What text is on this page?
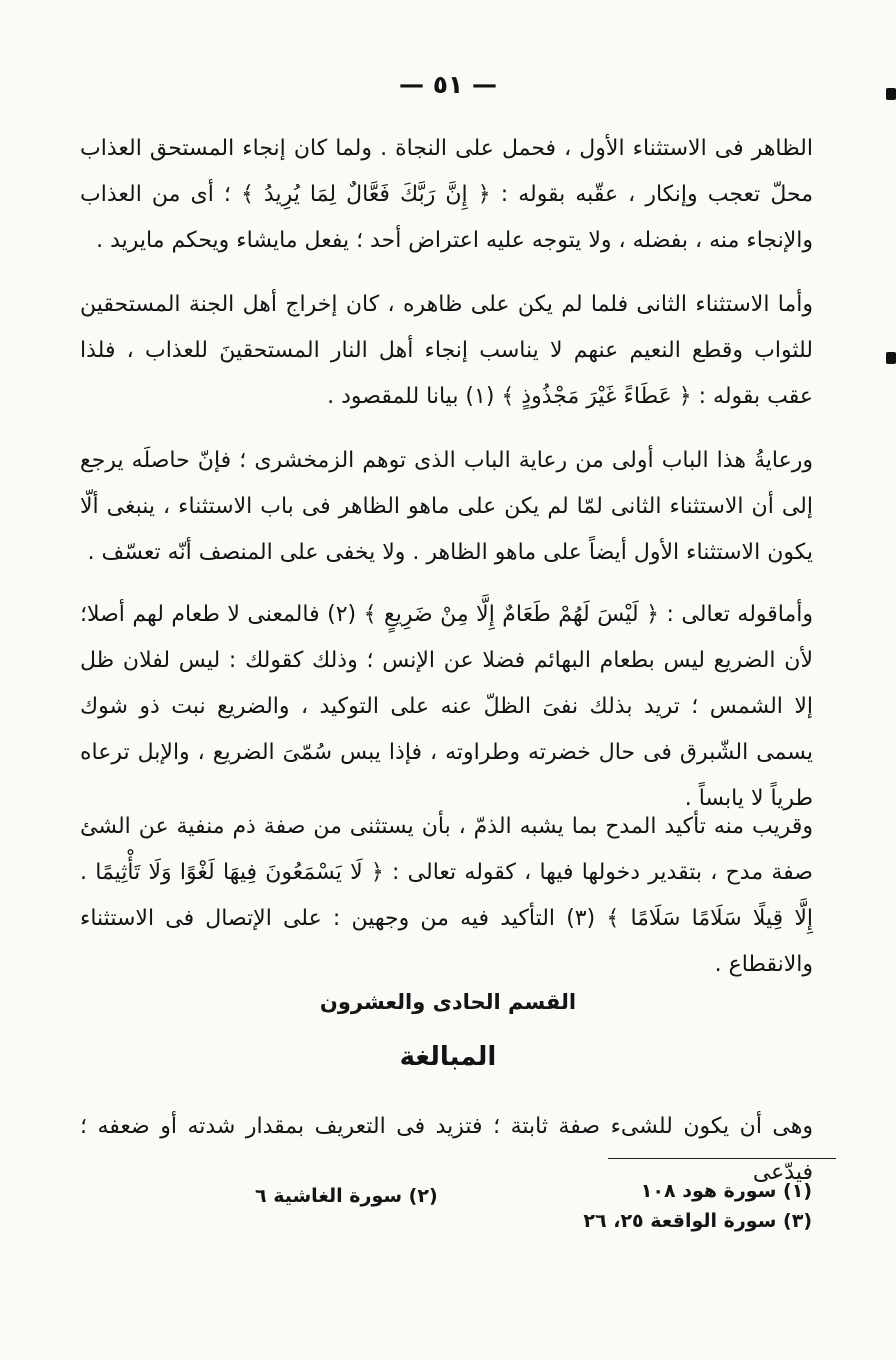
— ٥١ —

الظاهر فى الاستثناء الأول ، فحمل على النجاة . ولما كان إنجاء المستحق العذاب محلّ تعجب وإنكار ، عقّبه بقوله : ﴿ إِنَّ رَبَّكَ فَعَّالٌ لِمَا يُرِيدُ ﴾ ؛ أى من العذاب والإنجاء منه ، بفضله ، ولا يتوجه عليه اعتراض أحد ؛ يفعل مايشاء ويحكم مايريد .

وأما الاستثناء الثانى فلما لم يكن على ظاهره ، كان إخراج أهل الجنة المستحقين للثواب وقطع النعيم عنهم لا يناسب إنجاء أهل النار المستحقينَ للعذاب ، فلذا عقب بقوله : ﴿ عَطَاءً غَيْرَ مَجْذُوذٍ ﴾ (١) بيانا للمقصود .

ورعايةُ هذا الباب أولى من رعاية الباب الذى توهم الزمخشرى ؛ فإنّ حاصلَه يرجع إلى أن الاستثناء الثانى لمّا لم يكن على ماهو الظاهر فى باب الاستثناء ، ينبغى ألّا يكون الاستثناء الأول أيضاً على ماهو الظاهر . ولا يخفى على المنصف أنّه تعسّف .

وأماقوله تعالى : ﴿ لَيْسَ لَهُمْ طَعَامٌ إِلَّا مِنْ ضَرِيعٍ ﴾ (٢) فالمعنى لا طعام لهم أصلا؛ لأن الضريع ليس بطعام البهائم فضلا عن الإنس ؛ وذلك كقولك : ليس لفلان ظل إلا الشمس ؛ تريد بذلك نفىَ الظلّ عنه على التوكيد ، والضريع نبت ذو شوك يسمى الشّبرق فى حال خضرته وطراوته ، فإذا يبس سُمّىَ الضريع ، والإبل ترعاه طرياً لا يابساً .

وقريب منه تأكيد المدح بما يشبه الذمّ ، بأن يستثنى من صفة ذم منفية عن الشئ صفة مدح ، بتقدير دخولها فيها ، كقوله تعالى : ﴿ لَا يَسْمَعُونَ فِيهَا لَغْوًا وَلَا تَأْثِيمًا . إِلَّا قِيلًا سَلَامًا سَلَامًا ﴾ (٣) التأكيد فيه من وجهين : على الإتصال فى الاستثناء والانقطاع .

القسم الحادى والعشرون
المبالغة

وهى أن يكون للشىء صفة ثابتة ؛ فتزيد فى التعريف بمقدار شدته أو ضعفه ؛ فيدّعى

(١) سورة هود ١٠٨
(٢) سورة الغاشية ٦
(٣) سورة الواقعة ٢٥، ٢٦
